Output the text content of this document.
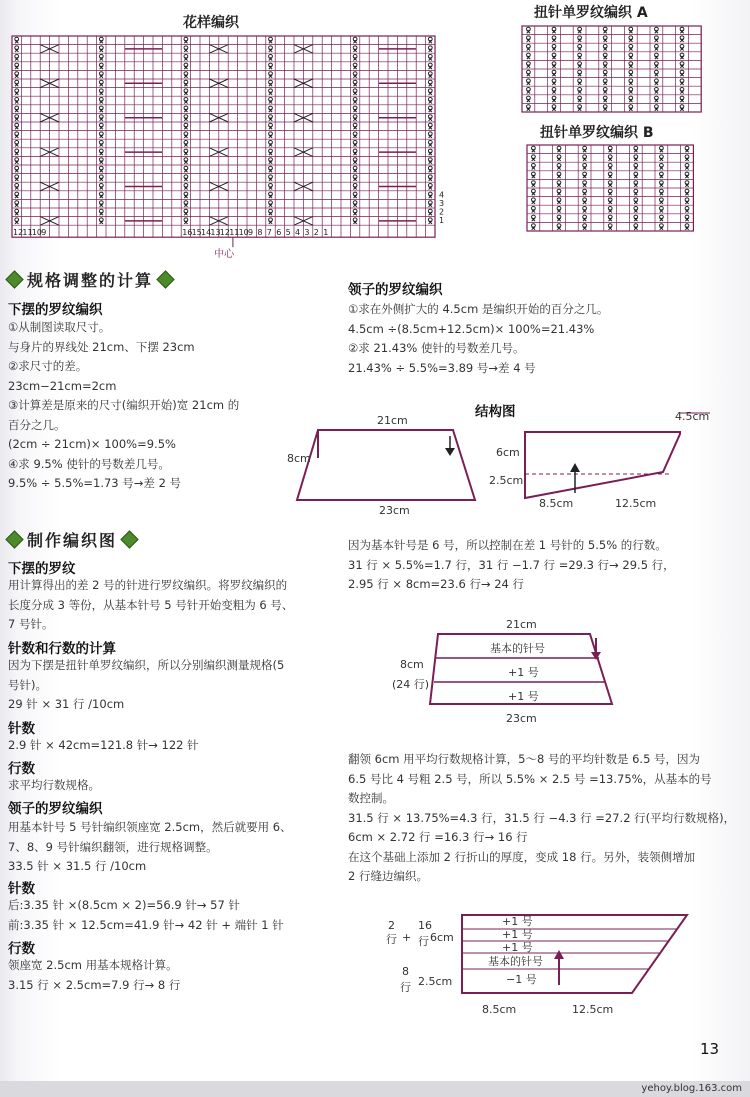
花样编织
12 11 10 9	16 15 14 13 12 11 10 9 8 7 6 5 4 3 2 1
4
3
2
1
中心
扭针单罗纹编织 A
扭针单罗纹编织 B
规格调整的计算
下摆的罗纹编织
①从制图读取尺寸。
与身片的界线处 21cm、下摆 23cm
②求尺寸的差。
23cm−21cm=2cm
③计算差是原来的尺寸(编织开始)宽 21cm 的
百分之几。
(2cm ÷ 21cm)× 100%=9.5%
④求 9.5% 使针的号数差几号。
9.5% ÷ 5.5%=1.73 号→差 2 号
制作编织图
下摆的罗纹
用计算得出的差 2 号的针进行罗纹编织。将罗纹编织的
长度分成 3 等份，从基本针号 5 号针开始变粗为 6 号、
7 号针。
针数和行数的计算
因为下摆是扭针单罗纹编织，所以分别编织测量规格(5
号针)。
29 针 × 31 行 /10cm
针数
2.9 针 × 42cm=121.8 针→ 122 针
行数
求平均行数规格。
领子的罗纹编织
用基本针号 5 号针编织领座宽 2.5cm，然后就要用 6、
7、8、9 号针编织翻领，进行规格调整。
33.5 针 × 31.5 行 /10cm
针数
后:3.35 针 ×(8.5cm × 2)=56.9 针→ 57 针
前:3.35 针 × 12.5cm=41.9 针→ 42 针 + 端针 1 针
行数
领座宽 2.5cm 用基本规格计算。
3.15 行 × 2.5cm=7.9 行→ 8 行
领子的罗纹编织
①求在外侧扩大的 4.5cm 是编织开始的百分之几。
4.5cm ÷(8.5cm+12.5cm)× 100%=21.43%
②求 21.43% 使针的号数差几号。
21.43% ÷ 5.5%=3.89 号→差 4 号
结构图
21cm
8cm
23cm
4.5cm
6cm
2.5cm
8.5cm	12.5cm
因为基本针号是 6 号，所以控制在差 1 号针的 5.5% 的行数。
31 行 × 5.5%=1.7 行，31 行 −1.7 行 =29.3 行→ 29.5 行，
2.95 行 × 8cm=23.6 行→ 24 行
21cm
8cm
(24 行)
基本的针号
+1 号
+1 号
23cm
翻领 6cm 用平均行数规格计算，5～8 号的平均针数是 6.5 号，因为
6.5 号比 4 号粗 2.5 号，所以 5.5% × 2.5 号 =13.75%，从基本的号
数控制。
31.5 行 × 13.75%=4.3 行，31.5 行 −4.3 行 =27.2 行(平均行数规格)，
6cm × 2.72 行 =16.3 行→ 16 行
在这个基础上添加 2 行折山的厚度，变成 18 行。另外，装领侧增加
2 行缝边编织。
2
行 +
16
行 6cm
8
行 2.5cm
+1 号
+1 号
+1 号
基本的针号
−1 号
8.5cm	12.5cm
13
yehoy.blog.163.com
